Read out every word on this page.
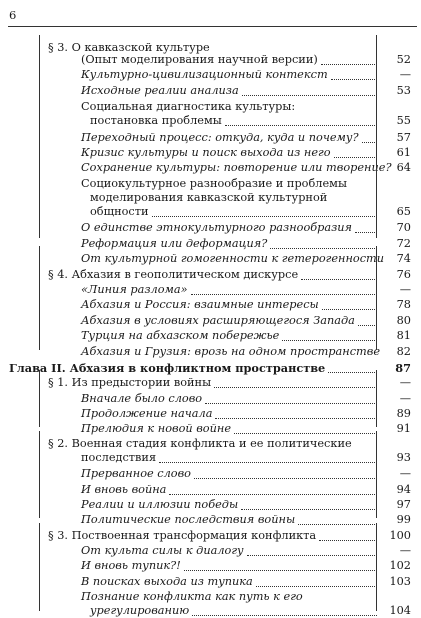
6
§ 3. О кавказской культуре
(Опыт моделирования научной версии)	52
Культурно-цивилизационный контекст	—
Исходные реалии анализа	53
Социальная диагностика культуры:
постановка проблемы	55
Переходный процесс: откуда, куда и почему?	57
Кризис культуры и поиск выхода из него	61
Сохранение культуры: повторение или творение? 64
Социокультурное разнообразие и проблемы
моделирования кавказской культурной
общности	65
О единстве этнокультурного разнообразия	70
Реформация или деформация?	72
От культурной гомогенности к гетерогенности	74
§ 4. Абхазия в геополитическом дискурсе	76
«Линия разлома»	—
Абхазия и Россия: взаимные интересы	78
Абхазия в условиях расширяющегося Запада	80
Турция на абхазском побережье	81
Абхазия и Грузия: врозь на одном пространстве	82
Глава II. Абхазия в конфликтном пространстве	87
§ 1. Из предыстории войны	—
Вначале было слово	—
Продолжение начала	89
Прелюдия к новой войне	91
§ 2. Военная стадия конфликта и ее политические
последствия	93
Прерванное слово	—
И вновь война	94
Реалии и иллюзии победы	97
Политические последствия войны	99
§ 3. Поствоенная трансформация конфликта	100
От культа силы к диалогу	—
И вновь тупик?!	102
В поисках выхода из тупика	103
Познание конфликта как путь к его
урегулированию	104
